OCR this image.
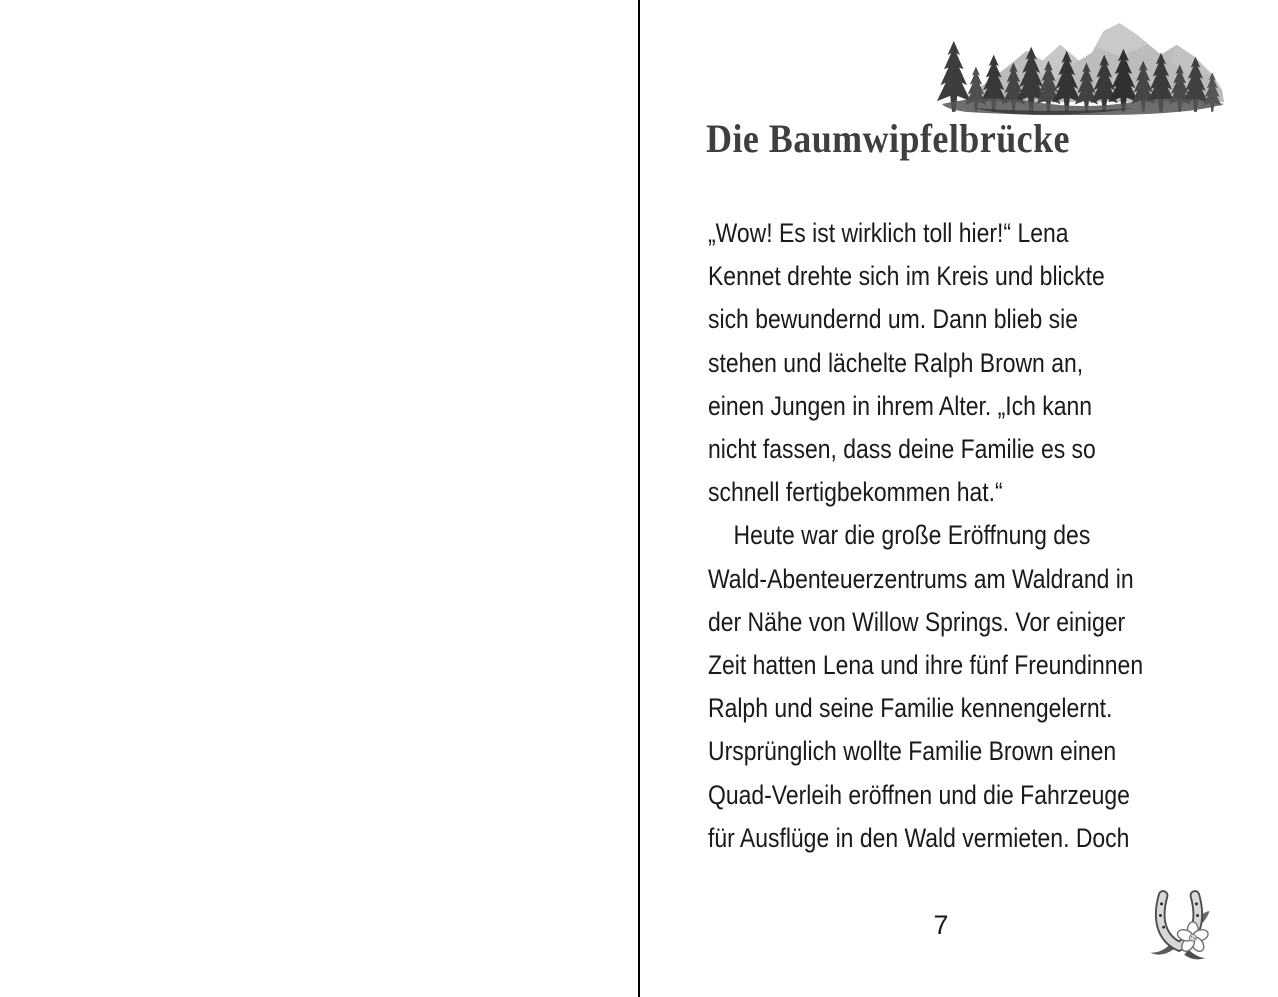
Die Baumwipfelbrücke
„Wow! Es ist wirklich toll hier!“ Lena
Kennet drehte sich im Kreis und blickte
sich bewundernd um. Dann blieb sie
stehen und lächelte Ralph Brown an,
einen Jungen in ihrem Alter. „Ich kann
nicht fassen, dass deine Familie es so
schnell fertigbekommen hat.“
Heute war die große Eröffnung des
Wald-Abenteuerzentrums am Waldrand in
der Nähe von Willow Springs. Vor einiger
Zeit hatten Lena und ihre fünf Freundinnen
Ralph und seine Familie kennengelernt.
Ursprünglich wollte Familie Brown einen
Quad-Verleih eröffnen und die Fahrzeuge
für Ausflüge in den Wald vermieten. Doch
7
